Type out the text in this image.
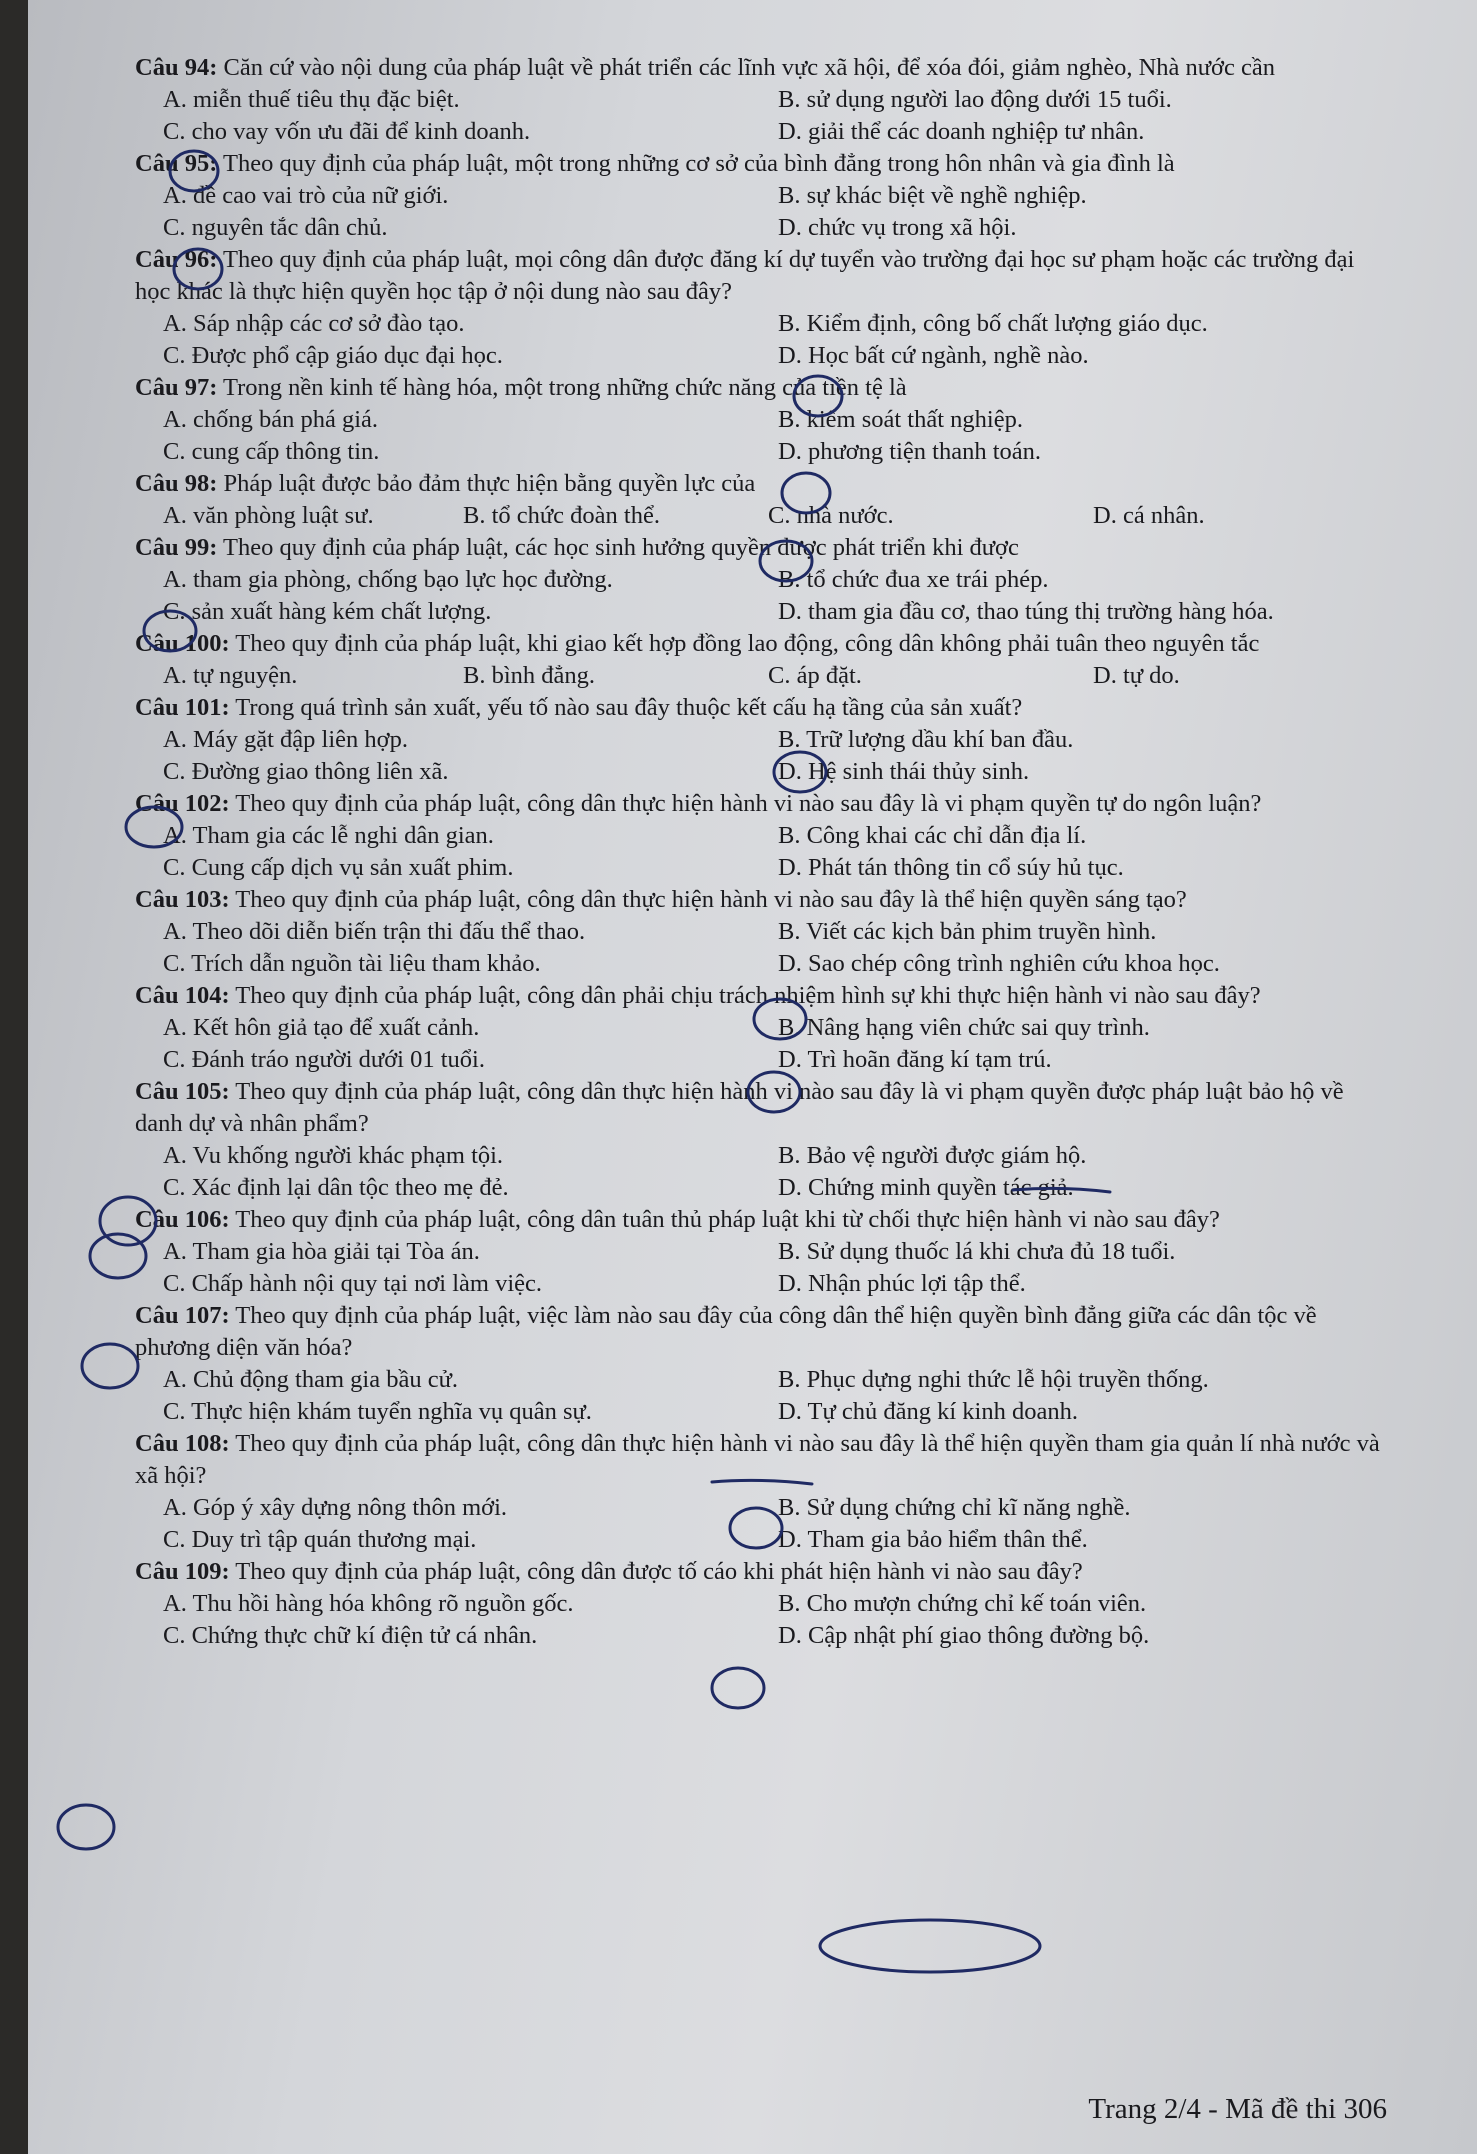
Câu 94: Căn cứ vào nội dung của pháp luật về phát triển các lĩnh vực xã hội, để xóa đói, giảm nghèo, Nhà nước cần

A. miễn thuế tiêu thụ đặc biệt.	B. sử dụng người lao động dưới 15 tuổi.
C. cho vay vốn ưu đãi để kinh doanh.	D. giải thể các doanh nghiệp tư nhân.

Câu 95: Theo quy định của pháp luật, một trong những cơ sở của bình đẳng trong hôn nhân và gia đình là

A. đề cao vai trò của nữ giới.	B. sự khác biệt về nghề nghiệp.
C. nguyên tắc dân chủ.	D. chức vụ trong xã hội.

Câu 96: Theo quy định của pháp luật, mọi công dân được đăng kí dự tuyển vào trường đại học sư phạm hoặc các trường đại học khác là thực hiện quyền học tập ở nội dung nào sau đây?

A. Sáp nhập các cơ sở đào tạo.	B. Kiểm định, công bố chất lượng giáo dục.
C. Được phổ cập giáo dục đại học.	D. Học bất cứ ngành, nghề nào.

Câu 97: Trong nền kinh tế hàng hóa, một trong những chức năng của tiền tệ là

A. chống bán phá giá.	B. kiểm soát thất nghiệp.
C. cung cấp thông tin.	D. phương tiện thanh toán.

Câu 98: Pháp luật được bảo đảm thực hiện bằng quyền lực của

A. văn phòng luật sư.	B. tổ chức đoàn thể.	C. nhà nước.	D. cá nhân.

Câu 99: Theo quy định của pháp luật, các học sinh hưởng quyền được phát triển khi được

A. tham gia phòng, chống bạo lực học đường.	B. tổ chức đua xe trái phép.
C. sản xuất hàng kém chất lượng.	D. tham gia đầu cơ, thao túng thị trường hàng hóa.

Câu 100: Theo quy định của pháp luật, khi giao kết hợp đồng lao động, công dân không phải tuân theo nguyên tắc

A. tự nguyện.	B. bình đẳng.	C. áp đặt.	D. tự do.

Câu 101: Trong quá trình sản xuất, yếu tố nào sau đây thuộc kết cấu hạ tầng của sản xuất?

A. Máy gặt đập liên hợp.	B. Trữ lượng dầu khí ban đầu.
C. Đường giao thông liên xã.	D. Hệ sinh thái thủy sinh.

Câu 102: Theo quy định của pháp luật, công dân thực hiện hành vi nào sau đây là vi phạm quyền tự do ngôn luận?

A. Tham gia các lễ nghi dân gian.	B. Công khai các chỉ dẫn địa lí.
C. Cung cấp dịch vụ sản xuất phim.	D. Phát tán thông tin cổ súy hủ tục.

Câu 103: Theo quy định của pháp luật, công dân thực hiện hành vi nào sau đây là thể hiện quyền sáng tạo?

A. Theo dõi diễn biến trận thi đấu thể thao.	B. Viết các kịch bản phim truyền hình.
C. Trích dẫn nguồn tài liệu tham khảo.	D. Sao chép công trình nghiên cứu khoa học.

Câu 104: Theo quy định của pháp luật, công dân phải chịu trách nhiệm hình sự khi thực hiện hành vi nào sau đây?

A. Kết hôn giả tạo để xuất cảnh.	B. Nâng hạng viên chức sai quy trình.
C. Đánh tráo người dưới 01 tuổi.	D. Trì hoãn đăng kí tạm trú.

Câu 105: Theo quy định của pháp luật, công dân thực hiện hành vi nào sau đây là vi phạm quyền được pháp luật bảo hộ về danh dự và nhân phẩm?

A. Vu khống người khác phạm tội.	B. Bảo vệ người được giám hộ.
C. Xác định lại dân tộc theo mẹ đẻ.	D. Chứng minh quyền tác giả.

Câu 106: Theo quy định của pháp luật, công dân tuân thủ pháp luật khi từ chối thực hiện hành vi nào sau đây?

A. Tham gia hòa giải tại Tòa án.	B. Sử dụng thuốc lá khi chưa đủ 18 tuổi.
C. Chấp hành nội quy tại nơi làm việc.	D. Nhận phúc lợi tập thể.

Câu 107: Theo quy định của pháp luật, việc làm nào sau đây của công dân thể hiện quyền bình đẳng giữa các dân tộc về phương diện văn hóa?

A. Chủ động tham gia bầu cử.	B. Phục dựng nghi thức lễ hội truyền thống.
C. Thực hiện khám tuyển nghĩa vụ quân sự.	D. Tự chủ đăng kí kinh doanh.

Câu 108: Theo quy định của pháp luật, công dân thực hiện hành vi nào sau đây là thể hiện quyền tham gia quản lí nhà nước và xã hội?

A. Góp ý xây dựng nông thôn mới.	B. Sử dụng chứng chỉ kĩ năng nghề.
C. Duy trì tập quán thương mại.	D. Tham gia bảo hiểm thân thể.

Câu 109: Theo quy định của pháp luật, công dân được tố cáo khi phát hiện hành vi nào sau đây?

A. Thu hồi hàng hóa không rõ nguồn gốc.	B. Cho mượn chứng chỉ kế toán viên.
C. Chứng thực chữ kí điện tử cá nhân.	D. Cập nhật phí giao thông đường bộ.
Trang 2/4 - Mã đề thi 306
